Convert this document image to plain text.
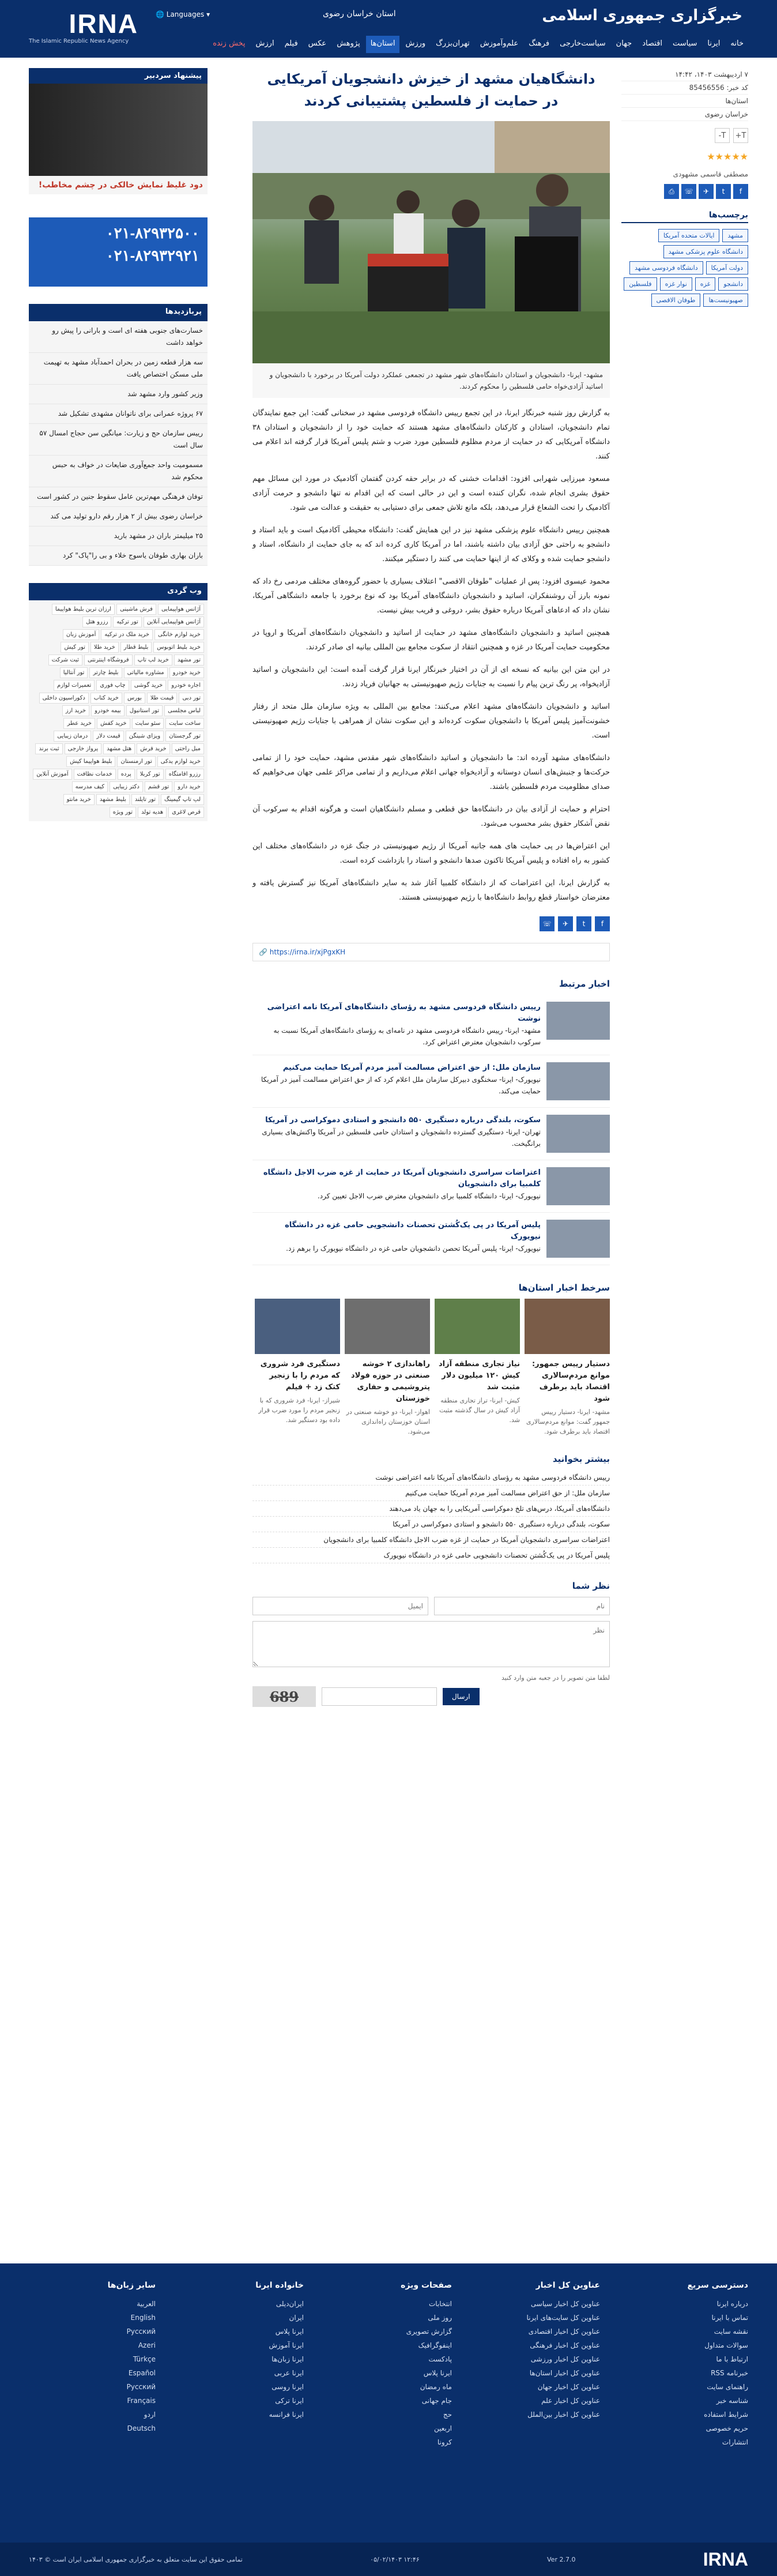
IRNA
The Islamic Republic News Agency
🌐 Languages ▾	استان خراسان رضوی	خبرگزاری جمهوری اسلامی
خانه
ایرنا
سیاست
اقتصاد
جهان
سیاست‌خارجی
فرهنگ
علم‌وآموزش
تهران‌بزرگ
ورزش
استان‌ها
پژوهش
عکس
فیلم
ارزش
پخش زنده
۷ اردیبهشت ۱۴۰۳، ۱۴:۴۲
کد خبر: 85456556
استان‌ها
خراسان رضوی
T+
T-
★★★★★
مصطفی قاسمی مشهودی
f
t
✈
☏
⎙
برچسب‌ها
مشهد
ایالات متحده آمریکا
دانشگاه علوم پزشکی مشهد
دولت آمریکا
دانشگاه فردوسی مشهد
دانشجو
غزه
نوار غزه
فلسطین
صهیونیست‌ها
طوفان الاقصی
دانشگاهیان مشهد از خیزش دانشجویان آمریکایی در حمایت از فلسطین پشتیبانی کردند
مشهد- ایرنا- دانشجویان و استادان دانشگاه‌های شهر مشهد در تجمعی عملکرد دولت آمریکا در برخورد با دانشجویان و اساتید آزادی‌خواه حامی فلسطین را محکوم کردند.

به گزارش روز شنبه خبرنگار ایرنا، در این تجمع رییس دانشگاه فردوسی مشهد در سخنانی گفت: این جمع نمایندگان تمام دانشجویان، استادان و کارکنان دانشگاه‌های مشهد هستند که حمایت خود را از دانشجویان و استادان ۳۸ دانشگاه آمریکایی که در حمایت از مردم مظلوم فلسطین مورد ضرب و شتم پلیس آمریکا قرار گرفته اند اعلام می کنند.

مسعود میرزایی شهرابی افزود: اقدامات خشنی که در برابر حقه کردن گفتمان آکادمیک در مورد این مسائل مهم حقوق بشری انجام شده، نگران کننده است و این در حالی است که این اقدام نه تنها دانشجو و حرمت آزادی آکادمیک را تحت الشعاع قرار می‌دهد، بلکه مانع تلاش جمعی برای دستیابی به حقیقت و عدالت می شود.

همچنین رییس دانشگاه علوم پزشکی مشهد نیز در این همایش گفت: دانشگاه محیطی آکادمیک است و باید استاد و دانشجو به راحتی حق آزادی بیان داشته باشند، اما در آمریکا کاری کرده اند که به جای حمایت از دانشگاه، استاد و دانشجو حمایت شده و وکلای که از اینها حمایت می کنند را دستگیر میکنند.

محمود عیسوی افزود: پس از عملیات "طوفان الاقصی" اعتلاف بسیاری با حضور گروه‌های مختلف مردمی رخ داد که نمونه بارز آن روشنفکران، اساتید و دانشجویان دانشگاه‌های آمریکا بود که نوع برخورد با جامعه دانشگاهی آمریکا، نشان داد که ادعاهای آمریکا درباره حقوق بشر، دروغی و فریب بیش نیست.

همچنین اساتید و دانشجویان دانشگاه‌های مشهد در حمایت از اساتید و دانشجویان دانشگاه‌های آمریکا و اروپا در محکومیت حمایت آمریکا در غزه و همچنین انتقاد از سکوت مجامع بین المللی بیانیه ای صادر کردند.

در این متن این بیانیه که نسخه ای از آن در اختیار خبرنگار ایرنا قرار گرفت آمده است: این دانشجویان و اساتید آزادیخواه، پر رنگ ترین پیام را نسبت به جنایات رژیم صهیونیستی به جهانیان فریاد زدند.

اساتید و دانشجویان دانشگاه‌های مشهد اعلام می‌کنند: مجامع بین المللی به ویژه سازمان ملل متحد از رفتار خشونت‌آمیز پلیس آمریکا با دانشجویان سکوت کرده‌اند و این سکوت نشان از همراهی با جنایات رژیم صهیونیستی است.

دانشگاه‌های مشهد آورده اند: ما دانشجویان و اساتید دانشگاه‌های شهر مقدس مشهد، حمایت خود را از تمامی حرکت‌ها و جنبش‌های انسان دوستانه و آزادیخواه جهانی اعلام می‌داریم و از تمامی مراکز علمی جهان می‌خواهیم که صدای مظلومیت مردم فلسطین باشند.

احترام و حمایت از آزادی بیان در دانشگاه‌ها حق قطعی و مسلم دانشگاهیان است و هرگونه اقدام به سرکوب آن نقض آشکار حقوق بشر محسوب می‌شود.

این اعتراض‌ها در پی حمایت های همه جانبه آمریکا از رژیم صهیونیستی در جنگ غزه در دانشگاه‌های مختلف این کشور به راه افتاده و پلیس آمریکا تاکنون صدها دانشجو و استاد را بازداشت کرده است.

به گزارش ایرنا، این اعتراضات که از دانشگاه کلمبیا آغاز شد به سایر دانشگاه‌های آمریکا نیز گسترش یافته و معترضان خواستار قطع روابط دانشگاه‌ها با رژیم صهیونیستی هستند.

f
t
✈
☏
🔗 https://irna.ir/xjPgxKH
اخبار مرتبط
رییس دانشگاه فردوسی مشهد به رؤسای دانشگاه‌های آمریکا نامه اعتراضی نوشت
مشهد- ایرنا- رییس دانشگاه فردوسی مشهد در نامه‌ای به رؤسای دانشگاه‌های آمریکا نسبت به سرکوب دانشجویان معترض اعتراض کرد.
سازمان ملل: از حق اعتراض مسالمت آمیز مردم آمریکا حمایت می‌کنیم
نیویورک- ایرنا- سخنگوی دبیرکل سازمان ملل اعلام کرد که از حق اعتراض مسالمت آمیز در آمریکا حمایت می‌کند.
سکوت، بلندگی درباره دستگیری ۵۵۰ دانشجو و استادی دموکراسی در آمریکا
تهران- ایرنا- دستگیری گسترده دانشجویان و استادان حامی فلسطین در آمریکا واکنش‌های بسیاری برانگیخت.
اعتراضات سراسری دانشجویان آمریکا در حمایت از غزه ضرب الاجل دانشگاه کلمبیا برای دانشجویان
نیویورک- ایرنا- دانشگاه کلمبیا برای دانشجویان معترض ضرب الاجل تعیین کرد.
پلیس آمریکا در پی یک‌کُشتن تحصنات دانشجویی حامی غزه در دانشگاه نیویورک
نیویورک- ایرنا- پلیس آمریکا تحصن دانشجویان حامی غزه در دانشگاه نیویورک را برهم زد.
سرخط اخبار استان‌ها
دستیار رییس جمهور: موانع مردم‌سالاری اقتصاد باید برطرف شود
مشهد- ایرنا- دستیار رییس جمهور گفت: موانع مردم‌سالاری اقتصاد باید برطرف شود.
نیاز تجاری منطقه آزاد کیش ۱۲۰ میلیون دلار مثبت شد
کیش- ایرنا- تراز تجاری منطقه آزاد کیش در سال گذشته مثبت شد.
راهاندازی ۲ خوشه صنعتی در حوزه فولاد پتروشیمی و حفاری خوزستان
اهواز- ایرنا- دو خوشه صنعتی در استان خوزستان راه‌اندازی می‌شود.
دستگیری فرد شروری که مردم را با زنجیر کتک زد + فیلم
شیراز- ایرنا- فرد شروری که با زنجیر مردم را مورد ضرب قرار داده بود دستگیر شد.
بیشتر بخوانید
رییس دانشگاه فردوسی مشهد به رؤسای دانشگاه‌های آمریکا نامه اعتراضی نوشت
سازمان ملل: از حق اعتراض مسالمت آمیز مردم آمریکا حمایت می‌کنیم
دانشگاه‌های آمریکا، درس‌های تلخ دموکراسی آمریکایی را به جهان یاد می‌دهند
سکوت، بلندگی درباره دستگیری ۵۵۰ دانشجو و استادی دموکراسی در آمریکا
اعتراضات سراسری دانشجویان آمریکا در حمایت از غزه ضرب الاجل دانشگاه کلمبیا برای دانشجویان
پلیس آمریکا در پی یک‌کُشتن تحصنات دانشجویی حامی غزه در دانشگاه نیویورک
نظر شما
نام
ایمیل
نظر
لطفا متن تصویر را در جعبه متن وارد کنید
689	ارسال
پیشنهاد سردبیر
دود غلیظ نمایش خالکی در چشم مخاطب!
۰۲۱-۸۲۹۳۲۵۰۰
۰۲۱-۸۲۹۳۲۹۲۱
پربازدیدها
خسارت‌های جنوبی هفته ای است و بارانی را پیش رو خواهد داشت
سه هزار قطعه زمین در بحران احمدآباد مشهد به تهیمت ملی مسکن اختصاص یافت
وزیر کشور وارد مشهد شد
۶۷ پروژه عمرانی برای ناتوانان مشهدی تشکیل شد
رییس سازمان حج و زیارت: میانگین سن حجاج امسال ۵۷ سال است
مسمومیت واحد جمع‌آوری ضایعات در خواف به حبس محکوم شد
توفان فرهنگی مهم‌ترین عامل سقوط جنین در کشور است
خراسان رضوی بیش از ۲ هزار رقم دارو تولید می کند
۲۵ میلیمتر باران در مشهد بارید
باران بهاری طوفان یاسوج خلاء و بی را"پاک" کرد
وب گردی
آژانس هواپیمایی
فرش ماشینی
ارزان ترین بلیط هواپیما
آژانس هواپیمایی آنلاین
تور ترکیه
رزرو هتل
خرید لوازم خانگی
خرید ملک در ترکیه
آموزش زبان
خرید بلیط اتوبوس
بلیط قطار
خرید طلا
تور کیش
تور مشهد
خرید لپ تاپ
فروشگاه اینترنتی
ثبت شرکت
خرید خودرو
مشاوره مالیاتی
بلیط چارتر
تور آنتالیا
اجاره خودرو
خرید گوشی
چاپ فوری
تعمیرات لوازم
تور دبی
قیمت طلا
بورس
خرید کتاب
دکوراسیون داخلی
لباس مجلسی
تور استانبول
بیمه خودرو
خرید ارز
ساخت سایت
سئو سایت
خرید کفش
خرید عطر
تور گرجستان
ویزای شینگن
قیمت دلار
درمان زیبایی
مبل راحتی
خرید فرش
هتل مشهد
پرواز خارجی
ثبت برند
خرید لوازم یدکی
تور ارمنستان
بلیط هواپیما کیش
رزرو اقامتگاه
تور کربلا
پرده
خدمات نظافت
آموزش آنلاین
خرید دارو
تور قشم
دکتر زیبایی
کیف مدرسه
لپ تاپ گیمینگ
تور تایلند
بلیط مشهد
خرید مانتو
قرص لاغری
هدیه تولد
تور ویژه
دسترسی سریع
درباره ایرنا
تماس با ایرنا
نقشه سایت
سوالات متداول
ارتباط با ما
خبرنامه RSS
راهنمای سایت
شناسه خبر
شرایط استفاده
حریم خصوصی
انتشارات
عناوین کل اخبار
عناوین کل اخبار سیاسی
عناوین کل سایت‌های ایرنا
عناوین کل اخبار اقتصادی
عناوین کل اخبار فرهنگی
عناوین کل اخبار ورزشی
عناوین کل اخبار استان‌ها
عناوین کل اخبار جهان
عناوین کل اخبار علم
عناوین کل اخبار بین‌الملل
صفحات ویژه
انتخابات
روز ملی
گزارش تصویری
اینفوگرافیک
پادکست
ایرنا پلاس
ماه رمضان
جام جهانی
حج
اربعین
کرونا
خانواده ایرنا
ایران‌دیلی
ایران
ایرنا پلاس
ایرنا آموزش
ایرنا زبان‌ها
ایرنا عربی
ایرنا روسی
ایرنا ترکی
ایرنا فرانسه
سایر زبان‌ها
العربیة
English
Русский
Azeri
Türkçe
Español
Pусский
Français
اردو
Deutsch
IRNA
Ver 2.7.0
۱۲:۴۶ ۰۵/۰۲/۱۴۰۳
تمامی حقوق این سایت متعلق به خبرگزاری جمهوری اسلامی ایران است © ۱۴۰۳
